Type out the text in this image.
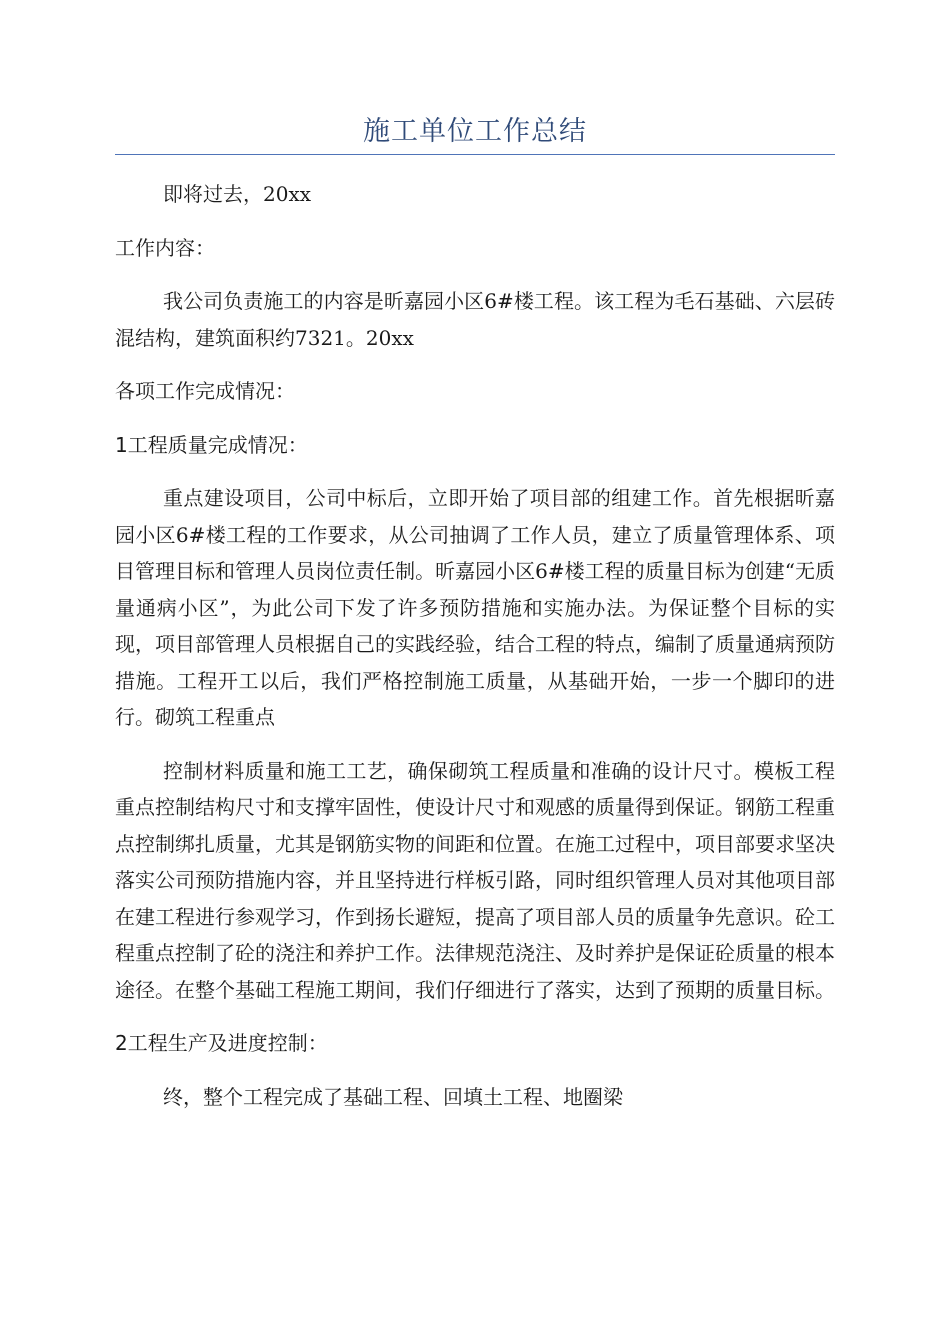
施工单位工作总结

即将过去，20xx

工作内容：

我公司负责施工的内容是昕嘉园小区6#楼工程。该工程为毛石基础、六层砖混结构，建筑面积约7321。20xx

各项工作完成情况：

1工程质量完成情况：

重点建设项目，公司中标后，立即开始了项目部的组建工作。首先根据昕嘉园小区6#楼工程的工作要求，从公司抽调了工作人员，建立了质量管理体系、项目管理目标和管理人员岗位责任制。昕嘉园小区6#楼工程的质量目标为创建“无质量通病小区”，为此公司下发了许多预防措施和实施办法。为保证整个目标的实现，项目部管理人员根据自己的实践经验，结合工程的特点，编制了质量通病预防措施。工程开工以后，我们严格控制施工质量，从基础开始，一步一个脚印的进行。砌筑工程重点

控制材料质量和施工工艺，确保砌筑工程质量和准确的设计尺寸。模板工程重点控制结构尺寸和支撑牢固性，使设计尺寸和观感的质量得到保证。钢筋工程重点控制绑扎质量，尤其是钢筋实物的间距和位置。在施工过程中，项目部要求坚决落实公司预防措施内容，并且坚持进行样板引路，同时组织管理人员对其他项目部在建工程进行参观学习，作到扬长避短，提高了项目部人员的质量争先意识。砼工程重点控制了砼的浇注和养护工作。法律规范浇注、及时养护是保证砼质量的根本途径。在整个基础工程施工期间，我们仔细进行了落实，达到了预期的质量目标。

2工程生产及进度控制：

终，整个工程完成了基础工程、回填土工程、地圈梁
